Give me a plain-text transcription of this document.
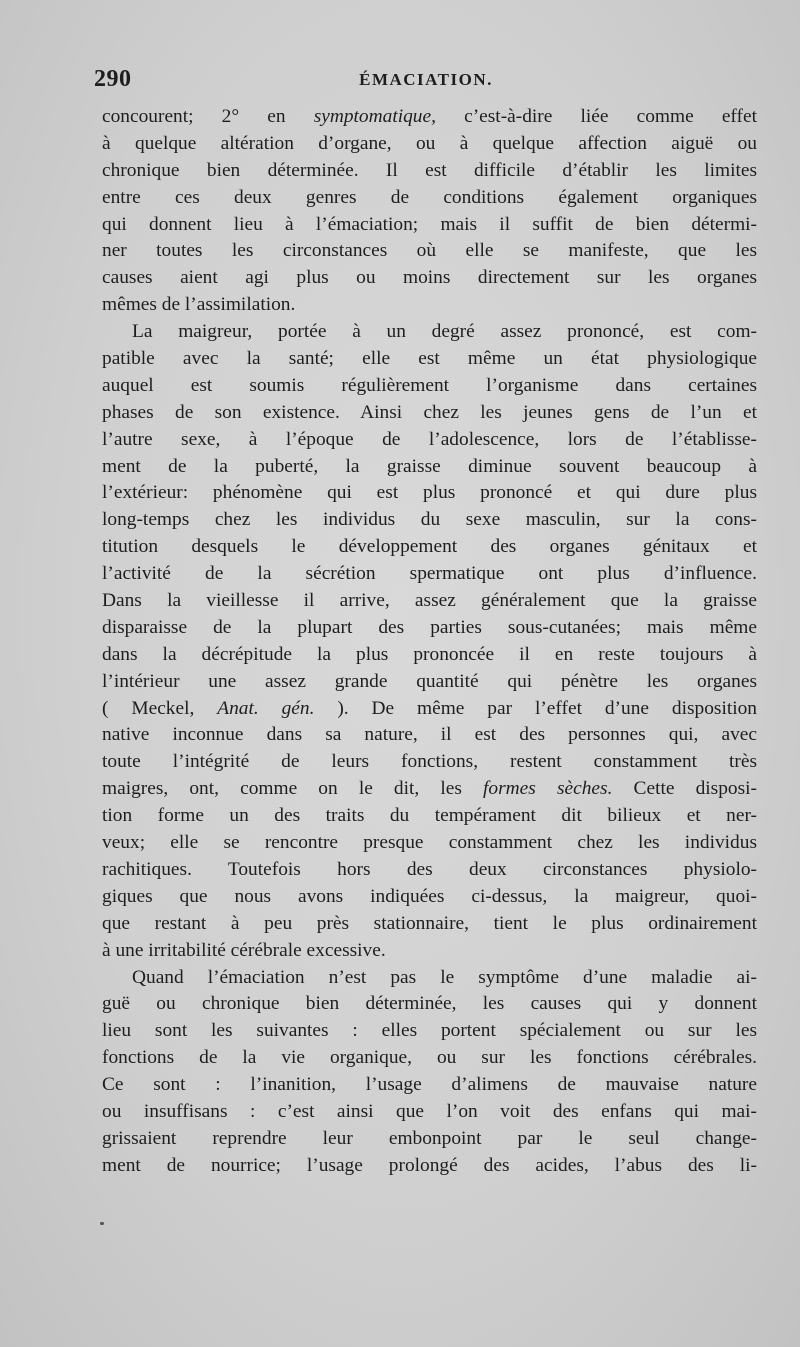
290	ÉMACIATION.
concourent; 2° en symptomatique, c’est-à-dire liée comme effet
à quelque altération d’organe, ou à quelque affection aiguë ou
chronique bien déterminée. Il est difficile d’établir les limites
entre ces deux genres de conditions également organiques
qui donnent lieu à l’émaciation; mais il suffit de bien détermi-
ner toutes les circonstances où elle se manifeste, que les
causes aient agi plus ou moins directement sur les organes
mêmes de l’assimilation.
La maigreur, portée à un degré assez prononcé, est com-
patible avec la santé; elle est même un état physiologique
auquel est soumis régulièrement l’organisme dans certaines
phases de son existence. Ainsi chez les jeunes gens de l’un et
l’autre sexe, à l’époque de l’adolescence, lors de l’établisse-
ment de la puberté, la graisse diminue souvent beaucoup à
l’extérieur: phénomène qui est plus prononcé et qui dure plus
long-temps chez les individus du sexe masculin, sur la cons-
titution desquels le développement des organes génitaux et
l’activité de la sécrétion spermatique ont plus d’influence.
Dans la vieillesse il arrive, assez généralement que la graisse
disparaisse de la plupart des parties sous-cutanées; mais même
dans la décrépitude la plus prononcée il en reste toujours à
l’intérieur une assez grande quantité qui pénètre les organes
( Meckel, Anat. gén. ). De même par l’effet d’une disposition
native inconnue dans sa nature, il est des personnes qui, avec
toute l’intégrité de leurs fonctions, restent constamment très
maigres, ont, comme on le dit, les formes sèches. Cette disposi-
tion forme un des traits du tempérament dit bilieux et ner-
veux; elle se rencontre presque constamment chez les individus
rachitiques. Toutefois hors des deux circonstances physiolo-
giques que nous avons indiquées ci-dessus, la maigreur, quoi-
que restant à peu près stationnaire, tient le plus ordinairement
à une irritabilité cérébrale excessive.
Quand l’émaciation n’est pas le symptôme d’une maladie ai-
guë ou chronique bien déterminée, les causes qui y donnent
lieu sont les suivantes : elles portent spécialement ou sur les
fonctions de la vie organique, ou sur les fonctions cérébrales.
Ce sont : l’inanition, l’usage d’alimens de mauvaise nature
ou insuffisans : c’est ainsi que l’on voit des enfans qui mai-
grissaient reprendre leur embonpoint par le seul change-
ment de nourrice; l’usage prolongé des acides, l’abus des li-
